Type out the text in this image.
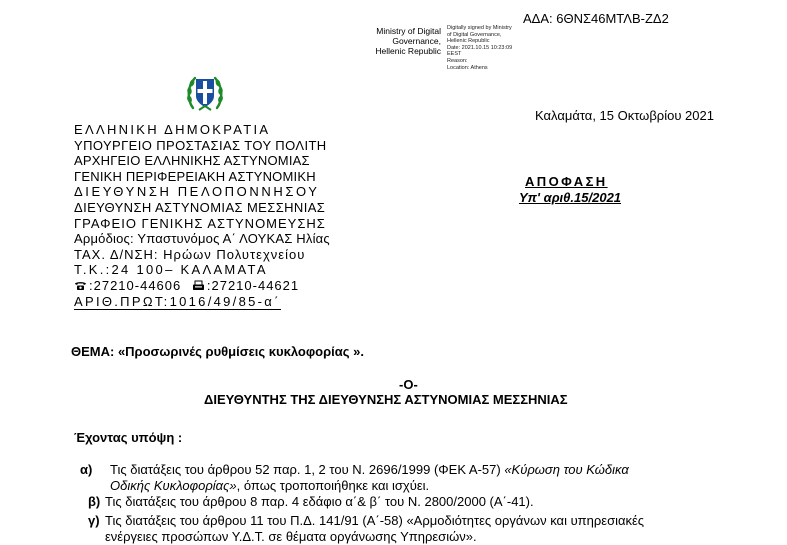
ΑΔΑ: 6ΘΝΣ46ΜΤΛΒ-ΖΔ2
Ministry of Digital
Governance,
Hellenic Republic
Digitally signed by Ministry
of Digital Governance,
Hellenic Republic
Date: 2021.10.15 10:23:09
EEST
Reason:
Location: Athens
ΕΛΛΗΝΙΚΗ ΔΗΜΟΚΡΑΤΙΑ
ΥΠΟΥΡΓΕΙΟ ΠΡΟΣΤΑΣΙΑΣ ΤΟΥ ΠΟΛΙΤΗ
ΑΡΧΗΓΕΙΟ ΕΛΛΗΝΙΚΗΣ ΑΣΤΥΝΟΜΙΑΣ
ΓΕΝΙΚΗ ΠΕΡΙΦΕΡΕΙΑΚΗ ΑΣΤΥΝΟΜΙΚΗ
ΔΙΕΥΘΥΝΣΗ ΠΕΛΟΠΟΝΝΗΣΟΥ
ΔΙΕΥΘΥΝΣΗ ΑΣΤΥΝΟΜΙΑΣ ΜΕΣΣΗΝΙΑΣ
ΓΡΑΦΕΙΟ ΓΕΝΙΚΗΣ ΑΣΤΥΝΟΜΕΥΣΗΣ
Αρμόδιος: Υπαστυνόμος Α΄ ΛΟΥΚΑΣ Ηλίας
ΤΑΧ. Δ/ΝΣΗ: Ηρώων Πολυτεχνείου
Τ.Κ.:24 100– ΚΑΛΑΜΑΤΑ
:27210-44606 :27210-44621
ΑΡΙΘ.ΠΡΩΤ:1016/49/85-α΄
Καλαμάτα, 15 Οκτωβρίου 2021
ΑΠΟΦΑΣΗ
Υπ' αριθ.15/2021
ΘΕΜΑ: «Προσωρινές ρυθμίσεις κυκλοφορίας ».
-Ο-
ΔΙΕΥΘΥΝΤΗΣ ΤΗΣ ΔΙΕΥΘΥΝΣΗΣ ΑΣΤΥΝΟΜΙΑΣ ΜΕΣΣΗΝΙΑΣ
Έχοντας υπόψη :
α) Τις διατάξεις του άρθρου 52 παρ. 1, 2 του Ν. 2696/1999 (ΦΕΚ Α-57) «Κύρωση του Κώδικα
Οδικής Κυκλοφορίας», όπως τροποποιήθηκε και ισχύει.
β) Τις διατάξεις του άρθρου 8 παρ. 4 εδάφιο α΄& β΄ του Ν. 2800/2000 (Α΄-41).
γ) Τις διατάξεις του άρθρου 11 του Π.Δ. 141/91 (Α΄-58) «Αρμοδιότητες οργάνων και υπηρεσιακές
ενέργειες προσώπων Υ.Δ.Τ. σε θέματα οργάνωσης Υπηρεσιών».
